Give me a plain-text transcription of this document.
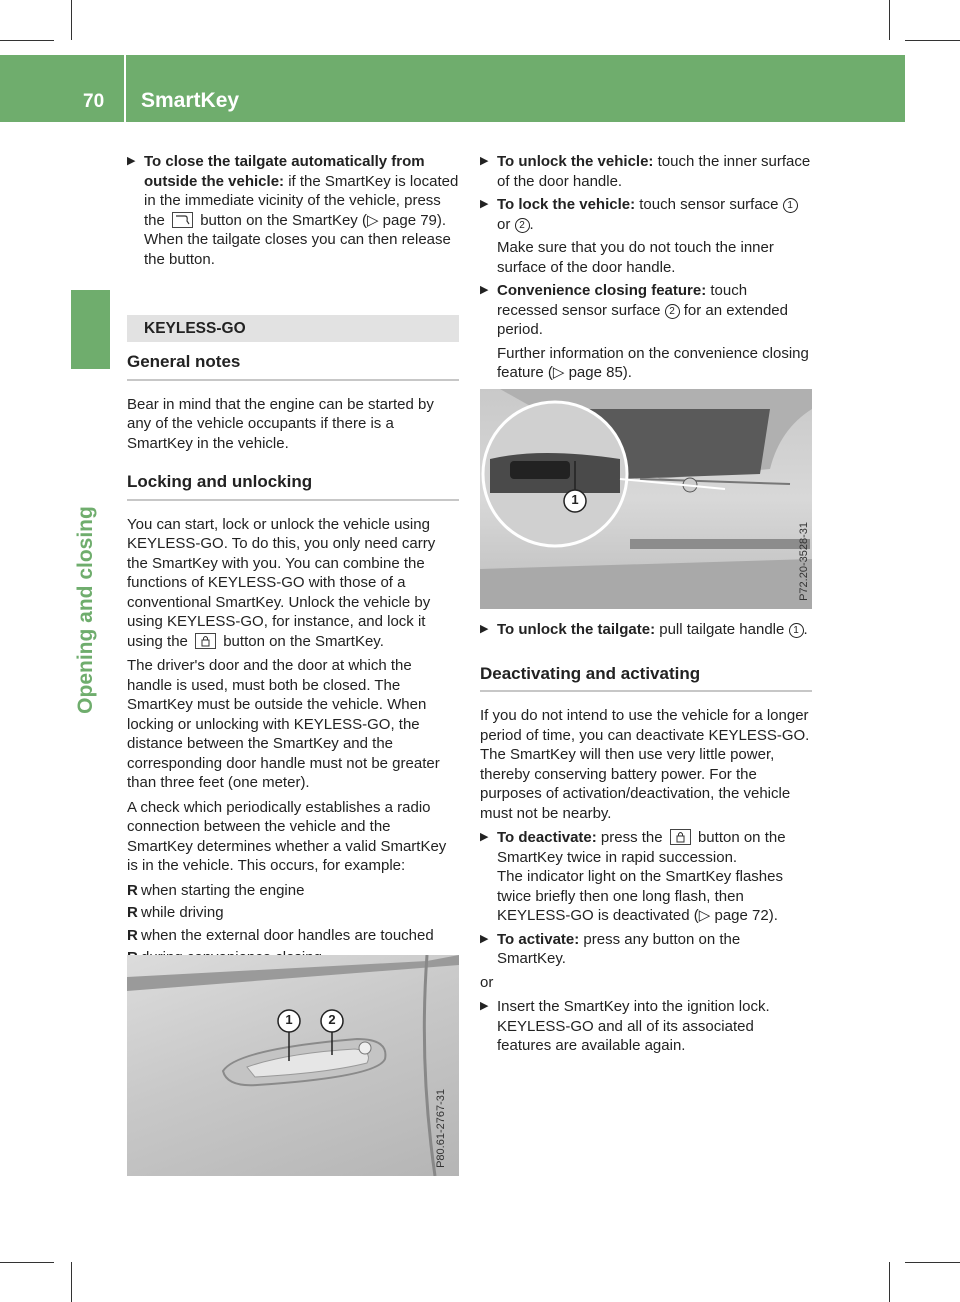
70 SmartKey
Opening and closing
▶ To close the tailgate automatically from outside the vehicle: if the SmartKey is located in the immediate vicinity of the vehicle, press the  button on the SmartKey (▷ page 79).
When the tailgate closes you can then release the button.
KEYLESS-GO
General notes

Bear in mind that the engine can be started by any of the vehicle occupants if there is a SmartKey in the vehicle.

Locking and unlocking

You can start, lock or unlock the vehicle using KEYLESS-GO. To do this, you only need carry the SmartKey with you. You can combine the functions of KEYLESS-GO with those of a conventional SmartKey. Unlock the vehicle by using KEYLESS-GO, for instance, and lock it using the  button on the SmartKey.

The driver's door and the door at which the handle is used, must both be closed. The SmartKey must be outside the vehicle. When locking or unlocking with KEYLESS-GO, the distance between the SmartKey and the corresponding door handle must not be greater than three feet (one meter).

A check which periodically establishes a radio connection between the vehicle and the SmartKey determines whether a valid SmartKey is in the vehicle. This occurs, for example:

R when starting the engine
R while driving
R when the external door handles are touched
1	2
P80.61-2767-31
▶ To unlock the vehicle: touch the inner surface of the door handle.
▶ To lock the vehicle: touch sensor surface 1 or 2 .
Make sure that you do not touch the inner surface of the door handle.
▶ Convenience closing feature: touch recessed sensor surface 2 for an extended period.
Further information on the convenience closing feature (▷ page 85).
1
P72.20-3528-31
▶ To unlock the tailgate: pull tailgate handle 1 .
Deactivating and activating

If you do not intend to use the vehicle for a longer period of time, you can deactivate KEYLESS-GO. The SmartKey will then use very little power, thereby conserving battery power. For the purposes of activation/deactivation, the vehicle must not be nearby.

▶ To deactivate: press the  button on the SmartKey twice in rapid succession.
The indicator light on the SmartKey flashes twice briefly then one long flash, then KEYLESS-GO is deactivated (▷ page 72).
▶ To activate: press any button on the SmartKey.

or

▶ Insert the SmartKey into the ignition lock. KEYLESS-GO and all of its associated features are available again.
